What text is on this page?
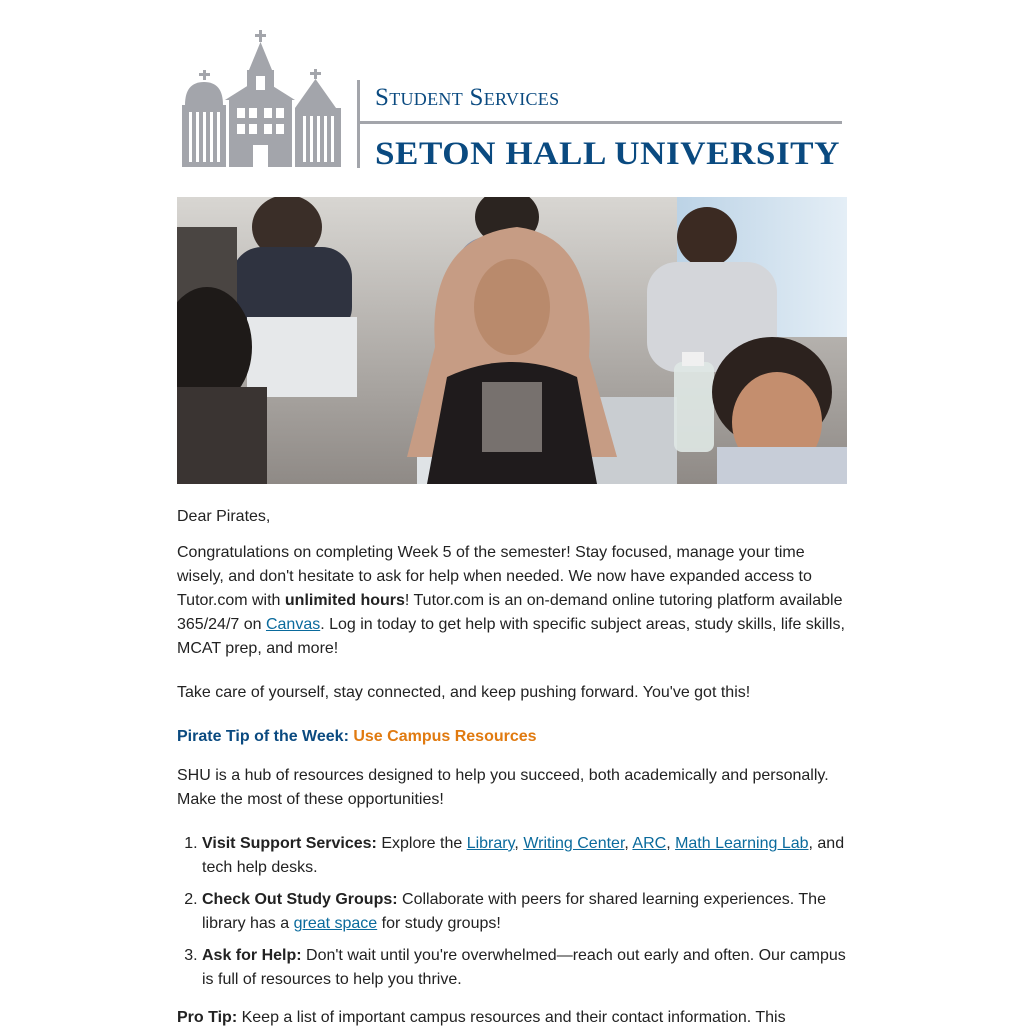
Student Services
SETON HALL UNIVERSITY

Dear Pirates,

Congratulations on completing Week 5 of the semester! Stay focused, manage your time wisely, and don't hesitate to ask for help when needed. We now have expanded access to Tutor.com with unlimited hours! Tutor.com is an on-demand online tutoring platform available 365/24/7 on Canvas. Log in today to get help with specific subject areas, study skills, life skills, MCAT prep, and more!

Take care of yourself, stay connected, and keep pushing forward. You've got this!

Pirate Tip of the Week: Use Campus Resources

SHU is a hub of resources designed to help you succeed, both academically and personally. Make the most of these opportunities!

1. Visit Support Services: Explore the Library, Writing Center, ARC, Math Learning Lab, and tech help desks.
2. Check Out Study Groups: Collaborate with peers for shared learning experiences. The library has a great space for study groups!
3. Ask for Help: Don't wait until you're overwhelmed—reach out early and often. Our campus is full of resources to help you thrive.

Pro Tip: Keep a list of important campus resources and their contact information. This
